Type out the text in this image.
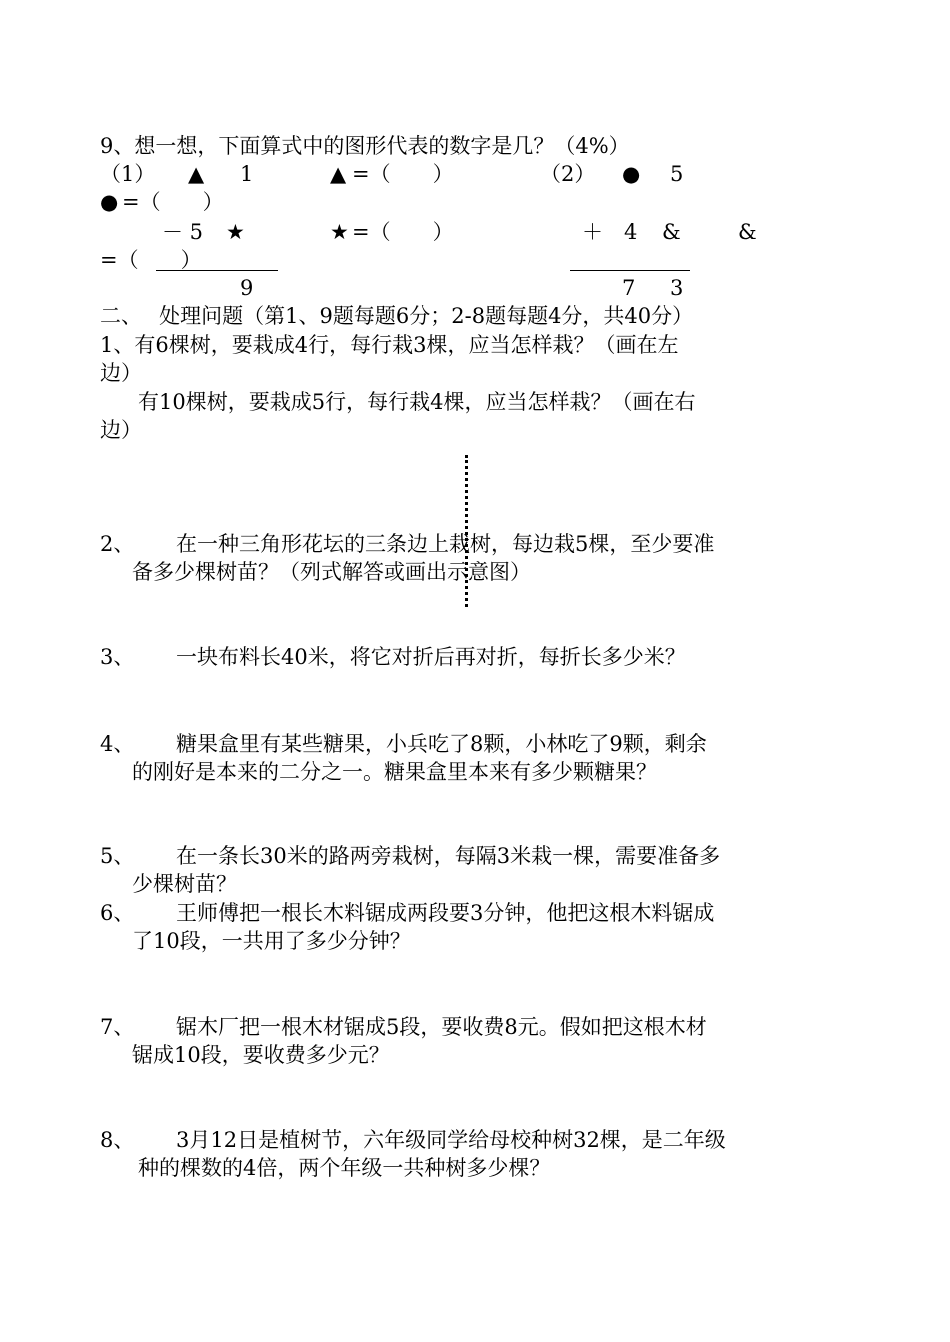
9、想一想，下面算式中的图形代表的数字是几？（4%）
（1） ▲ 1	▲ =（　　）
－ 5 ★	★ =（　　）
9
（2） ● 5
● =（　　）
＋　4 &	&
=（　　）
7 3
二、　 处理问题（第1、9题每题6分；2-8题每题4分，共40分）
1、有6棵树，要栽成4行，每行栽3棵，应当怎样栽？（画在左
边）
有10棵树，要栽成5行，每行栽4棵，应当怎样栽？（画在右
边）
2、 在一种三角形花坛的三条边上栽树，每边栽5棵，至少要准
备多少棵树苗？（列式解答或画出示意图）
3、 一块布料长40米，将它对折后再对折，每折长多少米？
4、 糖果盒里有某些糖果，小兵吃了8颗，小林吃了9颗，剩余
的刚好是本来的二分之一。糖果盒里本来有多少颗糖果？
5、 在一条长30米的路两旁栽树，每隔3米栽一棵，需要准备多
少棵树苗？
6、 王师傅把一根长木料锯成两段要3分钟，他把这根木料锯成
了10段，一共用了多少分钟？
7、 锯木厂把一根木材锯成5段，要收费8元。假如把这根木材
锯成10段，要收费多少元？
8、 3月12日是植树节，六年级同学给母校种树32棵，是二年级
种的棵数的4倍，两个年级一共种树多少棵？
